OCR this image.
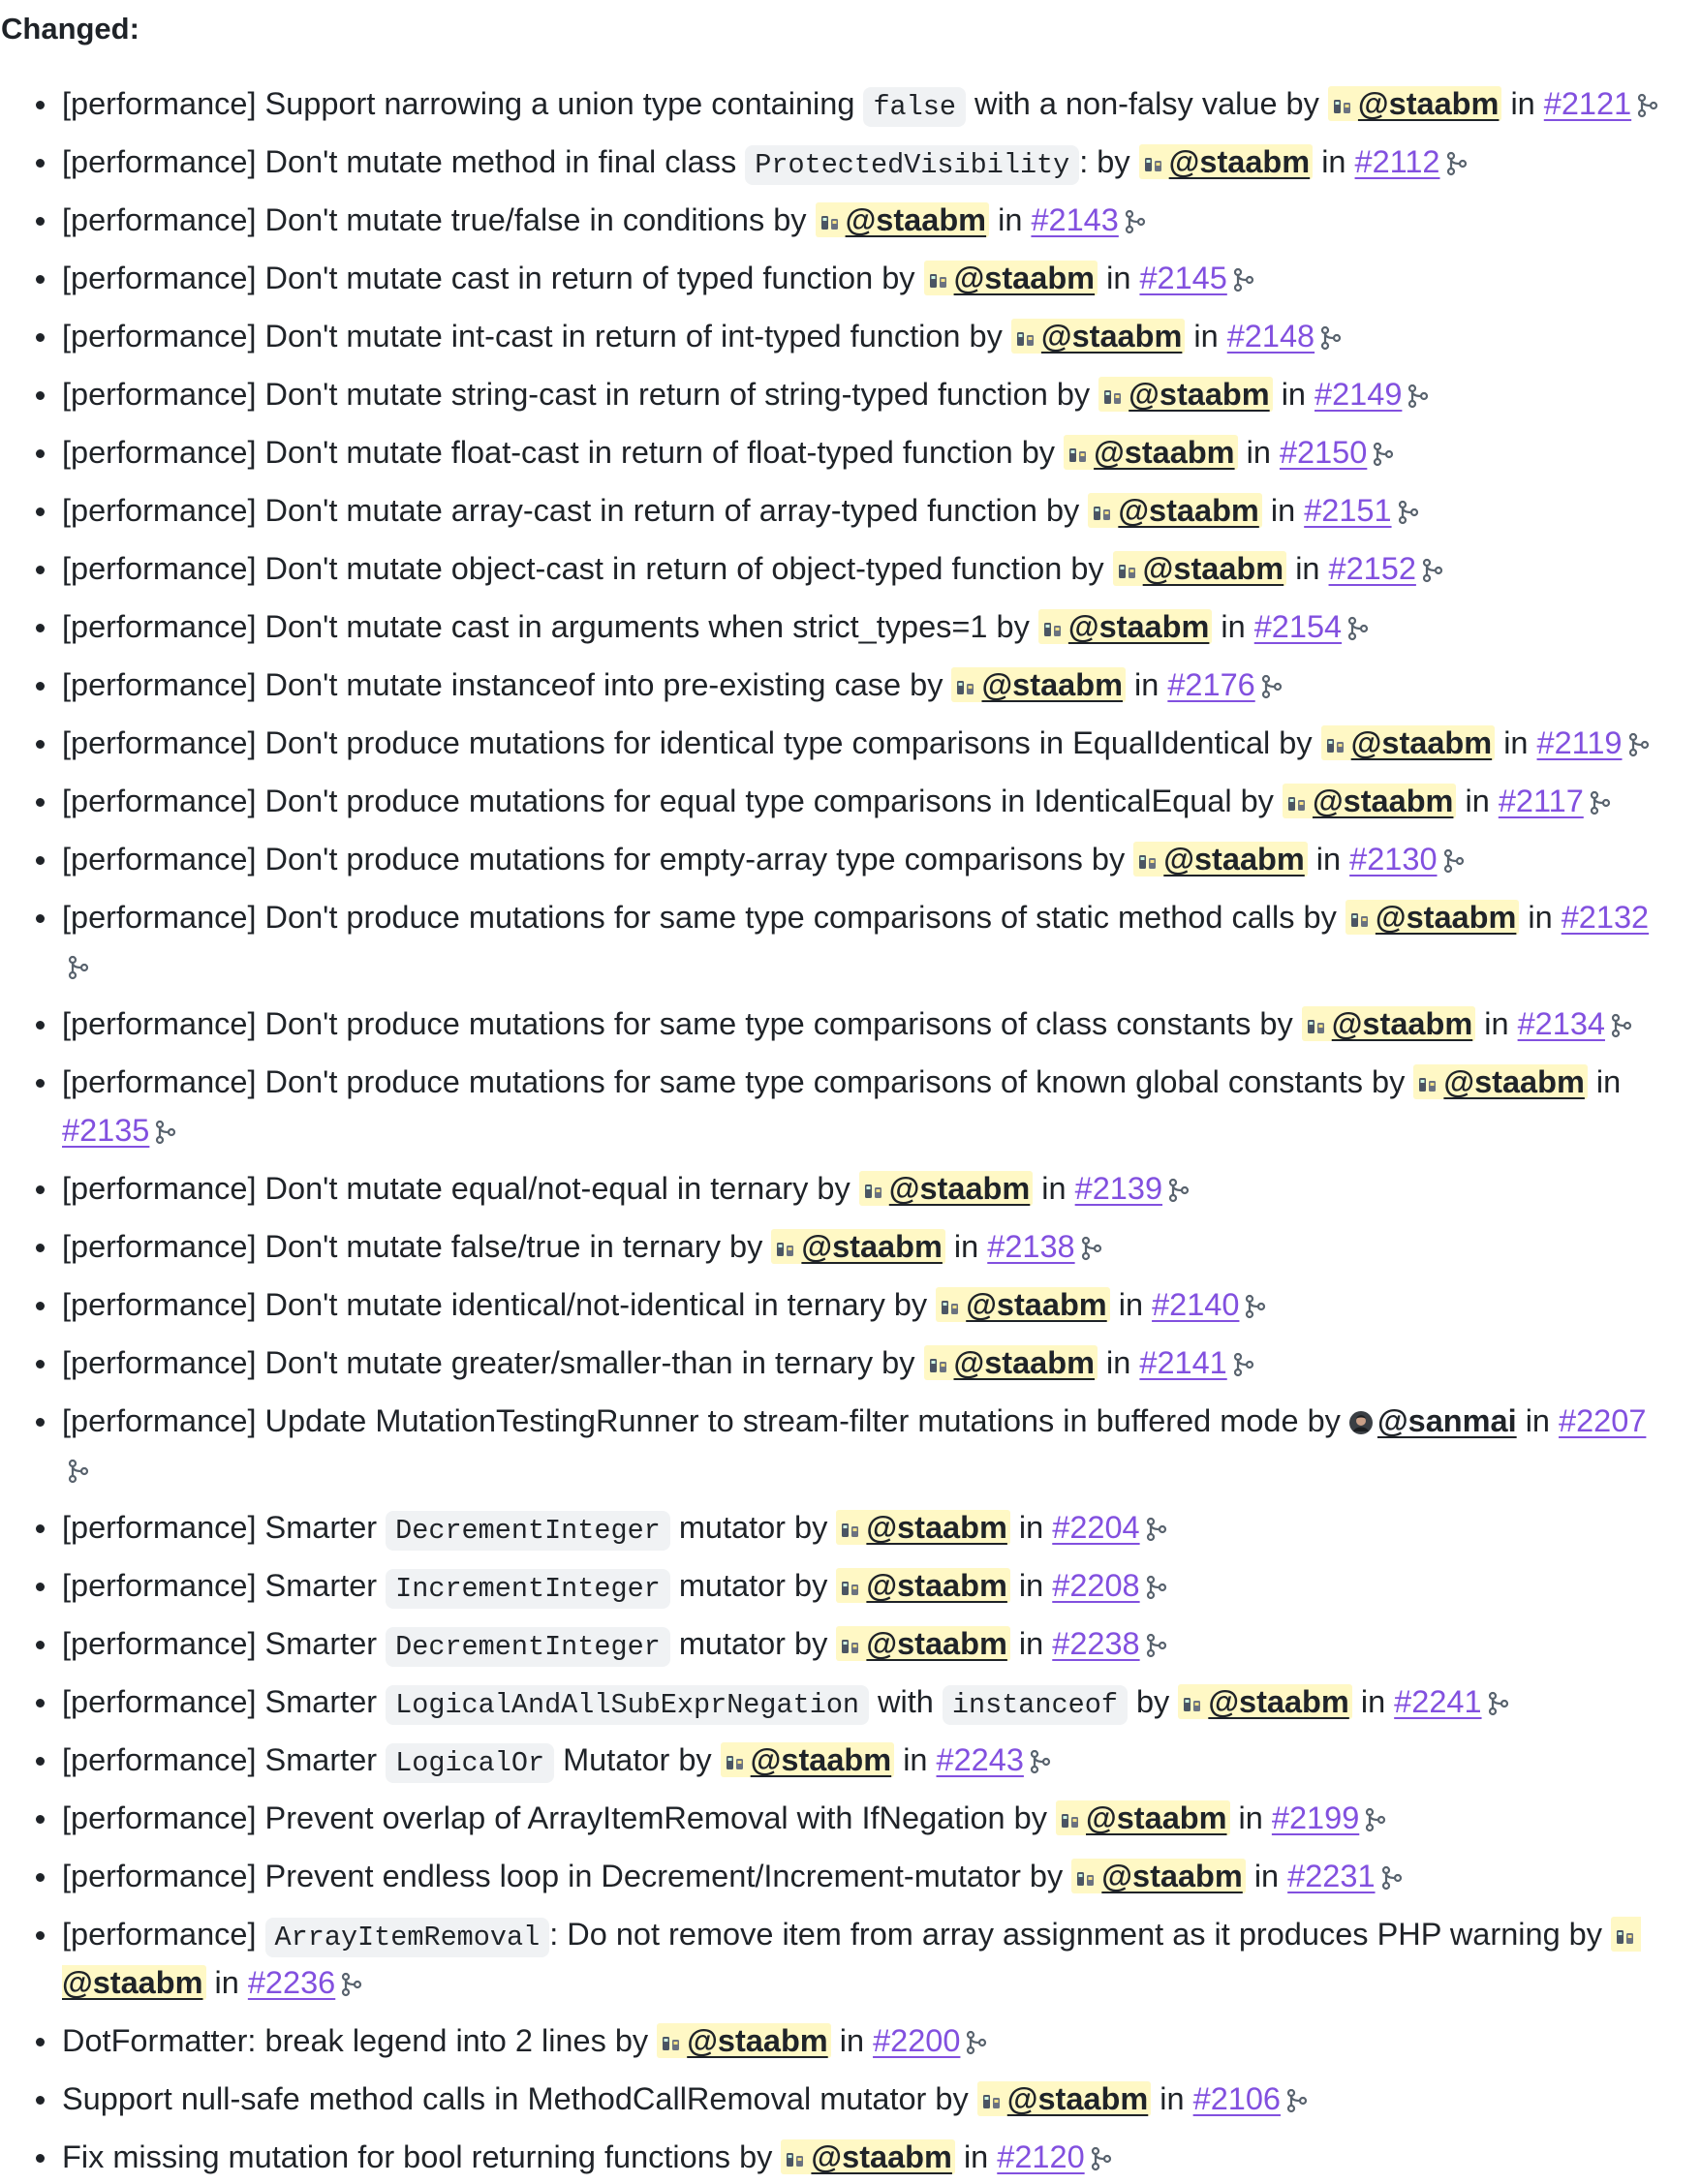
Changed:
[performance] Support narrowing a union type containing false with a non-falsy value by @staabm in #2121
[performance] Don't mutate method in final class ProtectedVisibility : by @staabm in #2112
[performance] Don't mutate true/false in conditions by @staabm in #2143
[performance] Don't mutate cast in return of typed function by @staabm in #2145
[performance] Don't mutate int-cast in return of int-typed function by @staabm in #2148
[performance] Don't mutate string-cast in return of string-typed function by @staabm in #2149
[performance] Don't mutate float-cast in return of float-typed function by @staabm in #2150
[performance] Don't mutate array-cast in return of array-typed function by @staabm in #2151
[performance] Don't mutate object-cast in return of object-typed function by @staabm in #2152
[performance] Don't mutate cast in arguments when strict_types=1 by @staabm in #2154
[performance] Don't mutate instanceof into pre-existing case by @staabm in #2176
[performance] Don't produce mutations for identical type comparisons in EqualIdentical by @staabm in #2119
[performance] Don't produce mutations for equal type comparisons in IdenticalEqual by @staabm in #2117
[performance] Don't produce mutations for empty-array type comparisons by @staabm in #2130
[performance] Don't produce mutations for same type comparisons of static method calls by @staabm in #2132
[performance] Don't produce mutations for same type comparisons of class constants by @staabm in #2134
[performance] Don't produce mutations for same type comparisons of known global constants by @staabm in #2135
[performance] Don't mutate equal/not-equal in ternary by @staabm in #2139
[performance] Don't mutate false/true in ternary by @staabm in #2138
[performance] Don't mutate identical/not-identical in ternary by @staabm in #2140
[performance] Don't mutate greater/smaller-than in ternary by @staabm in #2141
[performance] Update MutationTestingRunner to stream-filter mutations in buffered mode by @sanmai in #2207
[performance] Smarter DecrementInteger mutator by @staabm in #2204
[performance] Smarter IncrementInteger mutator by @staabm in #2208
[performance] Smarter DecrementInteger mutator by @staabm in #2238
[performance] Smarter LogicalAndAllSubExprNegation with instanceof by @staabm in #2241
[performance] Smarter LogicalOr Mutator by @staabm in #2243
[performance] Prevent overlap of ArrayItemRemoval with IfNegation by @staabm in #2199
[performance] Prevent endless loop in Decrement/Increment-mutator by @staabm in #2231
[performance] ArrayItemRemoval : Do not remove item from array assignment as it produces PHP warning by @staabm in #2236
DotFormatter: break legend into 2 lines by @staabm in #2200
Support null-safe method calls in MethodCallRemoval mutator by @staabm in #2106
Fix missing mutation for bool returning functions by @staabm in #2120
